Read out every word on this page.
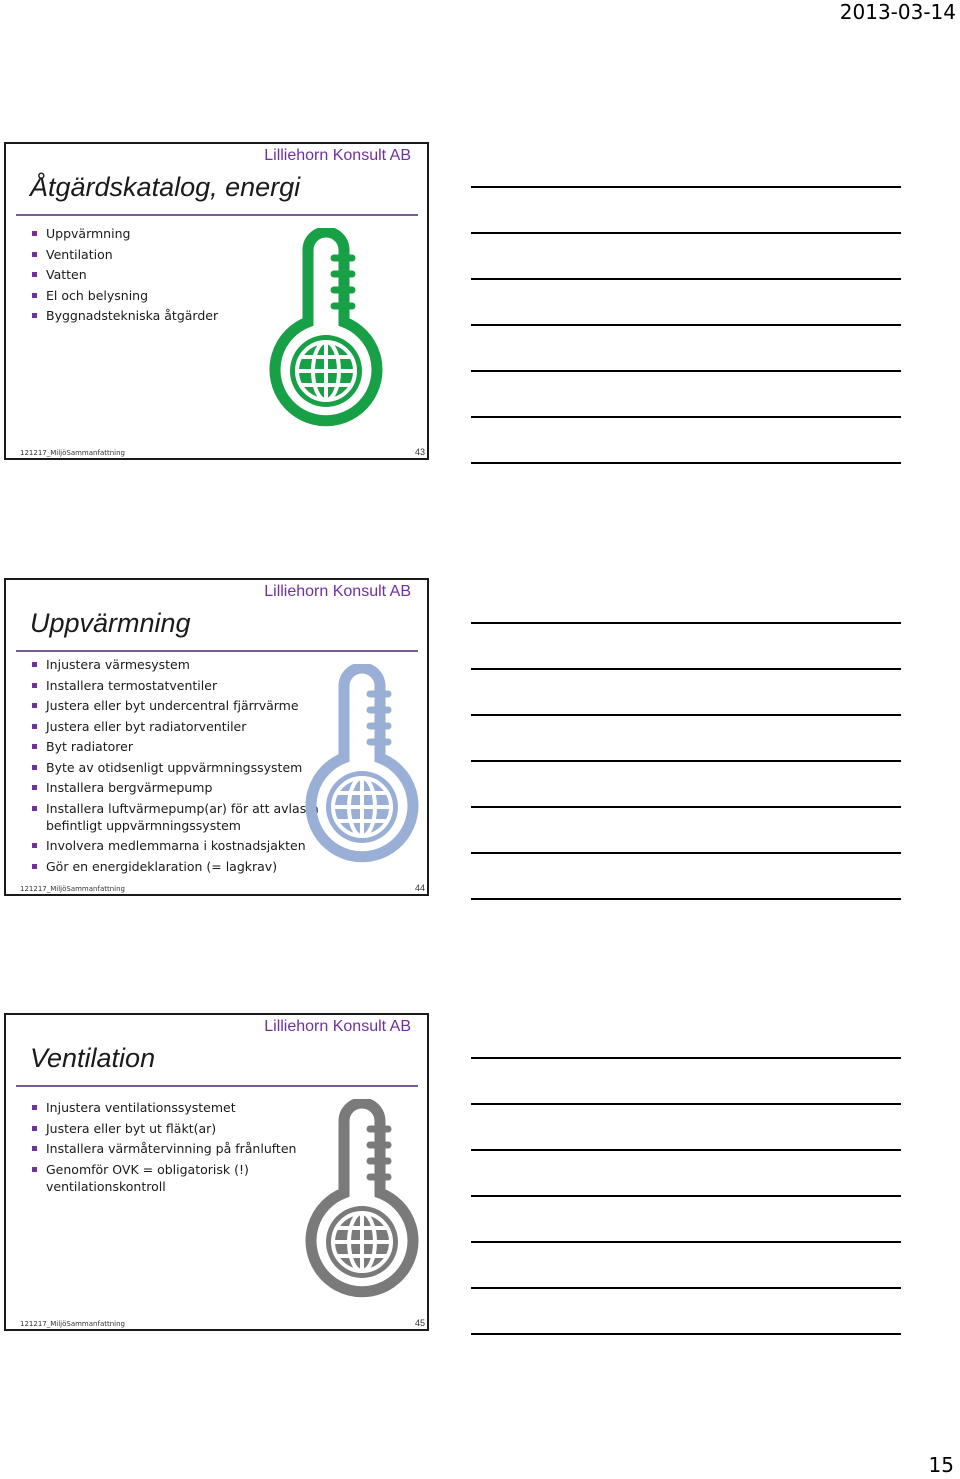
2013-03-14
Lilliehorn Konsult AB
Åtgärdskatalog, energi
Uppvärmning
Ventilation
Vatten
El och belysning
Byggnadstekniska åtgärder
121217_MiljöSammanfattning	43
Lilliehorn Konsult AB
Uppvärmning
Injustera värmesystem
Installera termostatventiler
Justera eller byt undercentral fjärrvärme
Justera eller byt radiatorventiler
Byt radiatorer
Byte av otidsenligt uppvärmningssystem
Installera bergvärmepump
Installera luftvärmepump(ar) för att avlasta
befintligt uppvärmningssystem
Involvera medlemmarna i kostnadsjakten
Gör en energideklaration (= lagkrav)
121217_MiljöSammanfattning	44
Lilliehorn Konsult AB
Ventilation
Injustera ventilationssystemet
Justera eller byt ut fläkt(ar)
Installera värmåtervinning på frånluften
Genomför OVK = obligatorisk (!)
ventilationskontroll
121217_MiljöSammanfattning	45
15
